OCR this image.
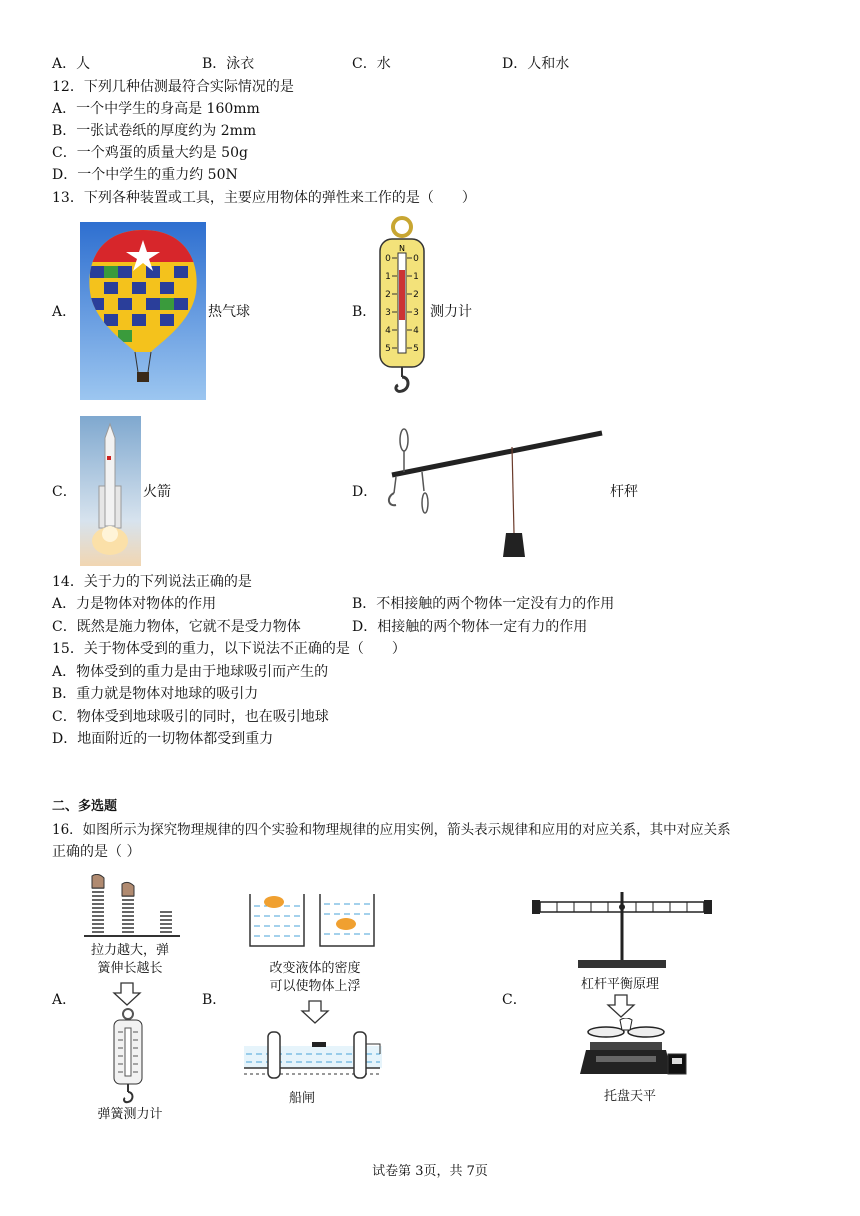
A．人	B．泳衣	C．水	D．人和水
12．下列几种估测最符合实际情况的是
A．一个中学生的身高是 160mm
B．一张试卷纸的厚度约为 2mm
C．一个鸡蛋的质量大约是 50g
D．一个中学生的重力约 50N
13．下列各种装置或工具，主要应用物体的弹性来工作的是（　　）
A．	热气球	B．
N
0
1
2
3
4
5
0
1
2
3
4
5
测力计
C．	火箭	D．	杆秤
14．关于力的下列说法正确的是
A．力是物体对物体的作用	B．不相接触的两个物体一定没有力的作用
C．既然是施力物体，它就不是受力物体	D．相接触的两个物体一定有力的作用
15．关于物体受到的重力，以下说法不正确的是（　　）
A．物体受到的重力是由于地球吸引而产生的
B．重力就是物体对地球的吸引力
C．物体受到地球吸引的同时，也在吸引地球
D．地面附近的一切物体都受到重力
二、多选题
16．如图所示为探究物理规律的四个实验和物理规律的应用实例，箭头表示规律和应用的对应关系，其中对应关系
正确的是（ ）
A．
拉力越大，弹
簧伸长越长
弹簧测力计
B．
改变液体的密度
可以使物体上浮
船闸
C．
杠杆平衡原理
托盘天平
试卷第 3页，共 7页
